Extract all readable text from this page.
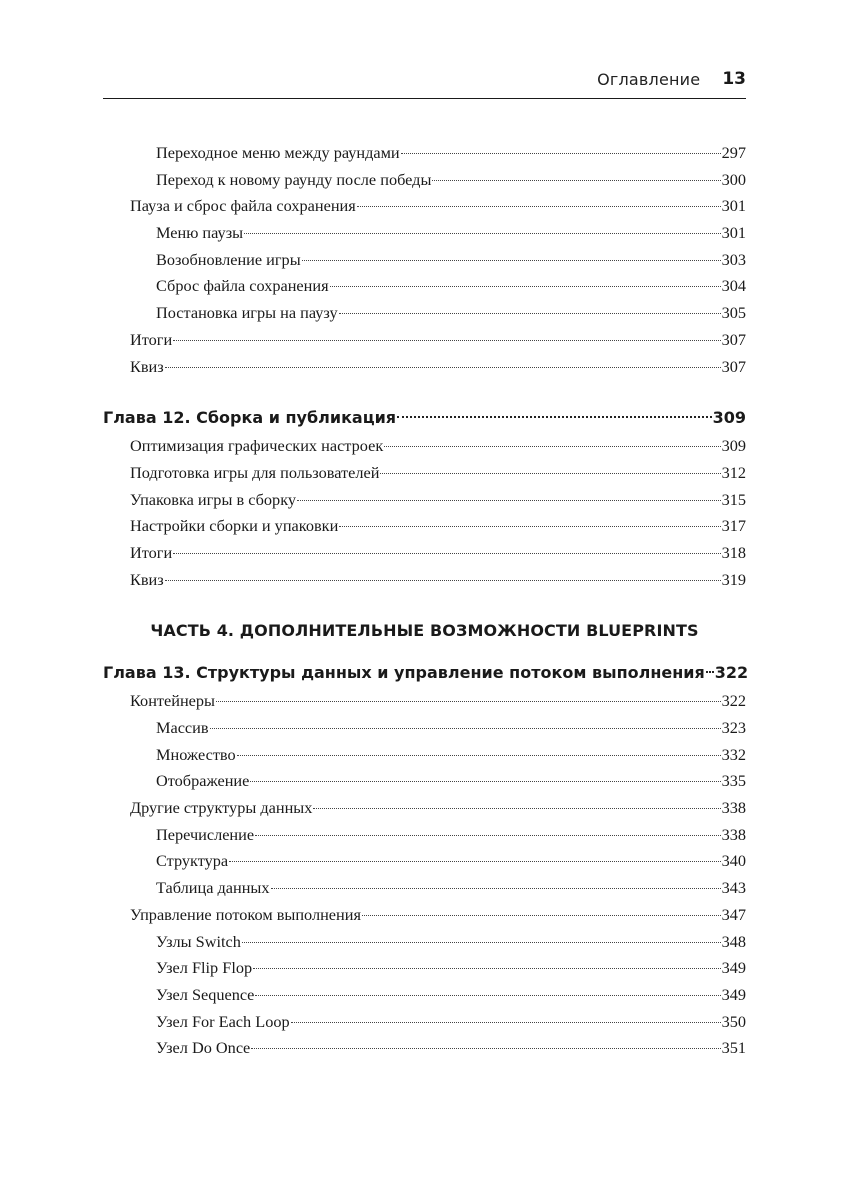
Оглавление 13
Переходное меню между раундами	297
Переход к новому раунду после победы	300
Пауза и сброс файла сохранения	301
Меню паузы	301
Возобновление игры	303
Сброс файла сохранения	304
Постановка игры на паузу	305
Итоги	307
Квиз	307
Глава 12. Сборка и публикация	309
Оптимизация графических настроек	309
Подготовка игры для пользователей	312
Упаковка игры в сборку	315
Настройки сборки и упаковки	317
Итоги	318
Квиз	319
ЧАСТЬ 4. ДОПОЛНИТЕЛЬНЫЕ ВОЗМОЖНОСТИ BLUEPRINTS
Глава 13. Структуры данных и управление потоком выполнения 322
Контейнеры	322
Массив	323
Множество	332
Отображение	335
Другие структуры данных	338
Перечисление	338
Структура	340
Таблица данных	343
Управление потоком выполнения	347
Узлы Switch	348
Узел Flip Flop	349
Узел Sequence	349
Узел For Each Loop	350
Узел Do Once	351
